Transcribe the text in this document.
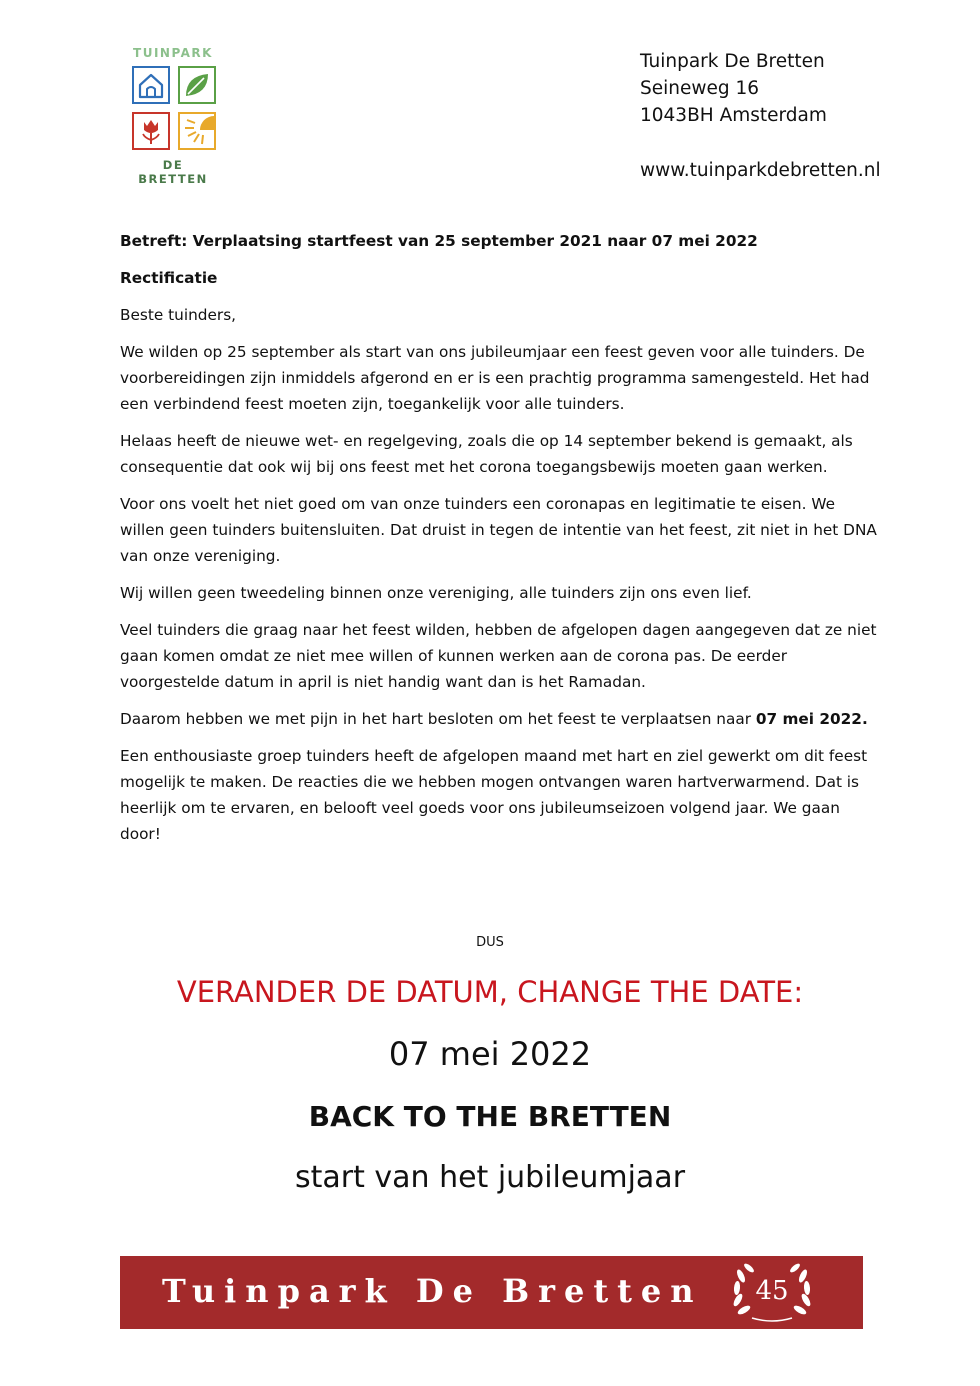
TUINPARK
DE BRETTEN
Tuinpark De Bretten
Seineweg 16
1043BH Amsterdam
www.tuinparkdebretten.nl

Betreft: Verplaatsing startfeest van 25 september 2021 naar 07 mei 2022

Rectificatie

Beste tuinders,

We wilden op 25 september als start van ons jubileumjaar een feest geven voor alle tuinders. De voorbereidingen zijn inmiddels afgerond en er is een prachtig programma samengesteld. Het had een verbindend feest moeten zijn, toegankelijk voor alle tuinders.

Helaas heeft de nieuwe wet- en regelgeving, zoals die op 14 september bekend is gemaakt, als consequentie dat ook wij bij ons feest met het corona toegangsbewijs moeten gaan werken.

Voor ons voelt het niet goed om van onze tuinders een coronapas en legitimatie te eisen. We willen geen tuinders buitensluiten. Dat druist in tegen de intentie van het feest, zit niet in het DNA van onze vereniging.

Wij willen geen tweedeling binnen onze vereniging, alle tuinders zijn ons even lief.

Veel tuinders die graag naar het feest wilden, hebben de afgelopen dagen aangegeven dat ze niet gaan komen omdat ze niet mee willen of kunnen werken aan de corona pas. De eerder voorgestelde datum in april is niet handig want dan is het Ramadan.

Daarom hebben we met pijn in het hart besloten om het feest te verplaatsen naar 07 mei 2022.

Een enthousiaste groep tuinders heeft de afgelopen maand met hart en ziel gewerkt om dit feest mogelijk te maken. De reacties die we hebben mogen ontvangen waren hartverwarmend. Dat is heerlijk om te ervaren, en belooft veel goeds voor ons jubileumseizoen volgend jaar. We gaan door!

DUS
VERANDER DE DATUM, CHANGE THE DATE:
07 mei 2022
BACK TO THE BRETTEN
start van het jubileumjaar
Tuinpark De Bretten	45
